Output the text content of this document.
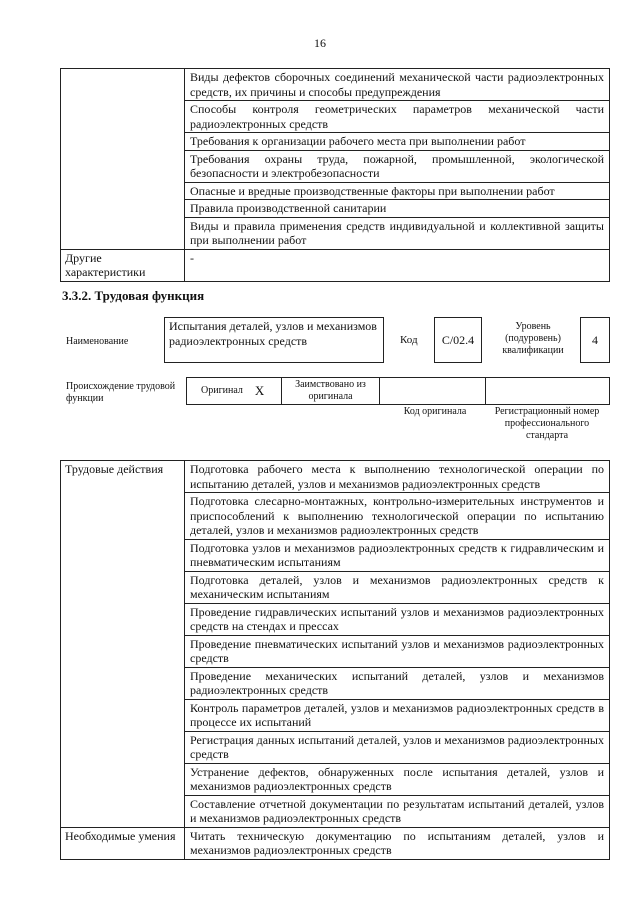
16
	Виды дефектов сборочных соединений механической части радиоэлектронных средств, их причины и способы предупреждения
	Способы контроля геометрических параметров механической части радиоэлектронных средств
	Требования к организации рабочего места при выполнении работ
	Требования охраны труда, пожарной, промышленной, экологической безопасности и электробезопасности
	Опасные и вредные производственные факторы при выполнении работ
	Правила производственной санитарии
	Виды и правила применения средств индивидуальной и коллективной защиты при выполнении работ
Другие характеристики	-
3.3.2. Трудовая функция
Наименование
Испытания деталей, узлов и механизмов радиоэлектронных средств	Код C/02.4
Уровень (подуровень) квалификации
4
Происхождение трудовой функции
Оригинал X	Заимствовано из оригинала
Код оригинала	Регистрационный номер профессионального стандарта
Трудовые действия	Подготовка рабочего места к выполнению технологической операции по испытанию деталей, узлов и механизмов радиоэлектронных средств
	Подготовка слесарно-монтажных, контрольно-измерительных инструментов и приспособлений к выполнению технологической операции по испытанию деталей, узлов и механизмов радиоэлектронных средств
	Подготовка узлов и механизмов радиоэлектронных средств к гидравлическим и пневматическим испытаниям
	Подготовка деталей, узлов и механизмов радиоэлектронных средств к механическим испытаниям
	Проведение гидравлических испытаний узлов и механизмов радиоэлектронных средств на стендах и прессах
	Проведение пневматических испытаний узлов и механизмов радиоэлектронных средств
	Проведение механических испытаний деталей, узлов и механизмов радиоэлектронных средств
	Контроль параметров деталей, узлов и механизмов радиоэлектронных средств в процессе их испытаний
	Регистрация данных испытаний деталей, узлов и механизмов радиоэлектронных средств
	Устранение дефектов, обнаруженных после испытания деталей, узлов и механизмов радиоэлектронных средств
	Составление отчетной документации по результатам испытаний деталей, узлов и механизмов радиоэлектронных средств
Необходимые умения	Читать техническую документацию по испытаниям деталей, узлов и механизмов радиоэлектронных средств
